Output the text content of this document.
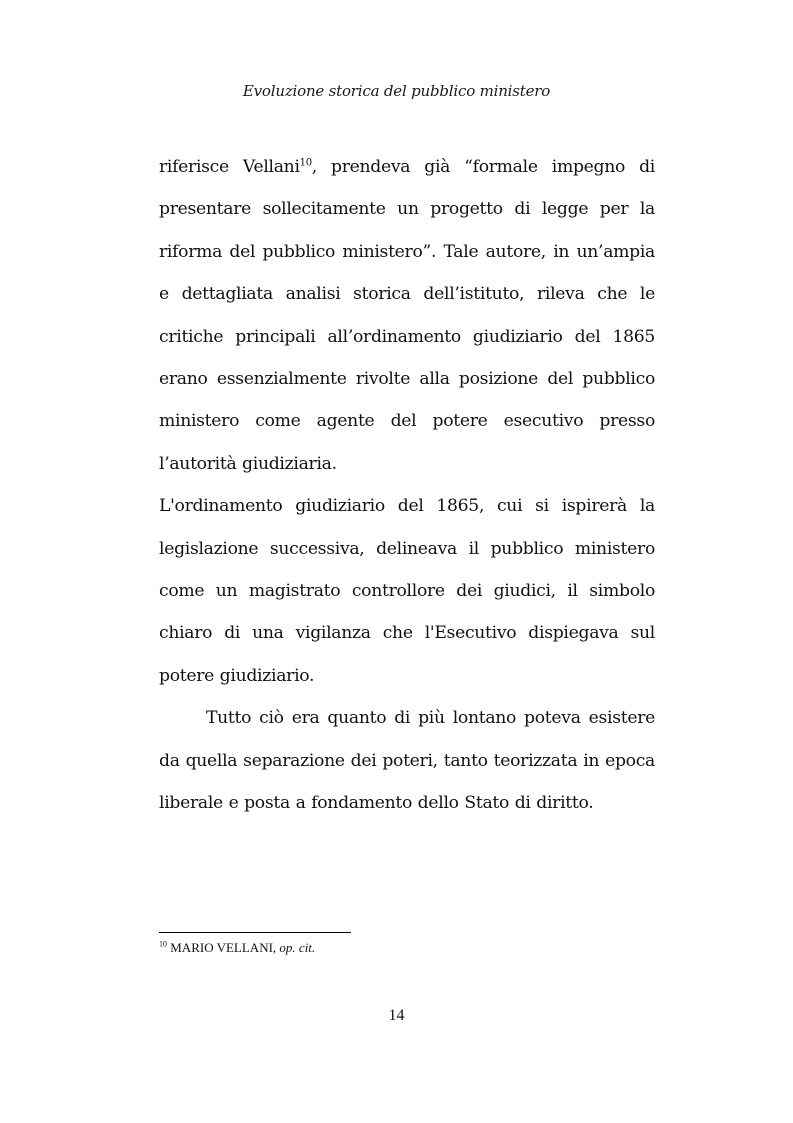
Evoluzione storica del pubblico ministero

riferisce Vellani$^{10}$, prendeva già “formale impegno di presentare sollecitamente un progetto di legge per la riforma del pubblico ministero”. Tale autore, in un’ampia e dettagliata analisi storica dell’istituto, rileva che le critiche principali all’ordinamento giudiziario del 1865 erano essenzialmente rivolte alla posizione del pubblico ministero come agente del potere esecutivo presso l’autorità giudiziaria.

L'ordinamento giudiziario del 1865, cui si ispirerà la legislazione successiva, delineava il pubblico ministero come un magistrato controllore dei giudici, il simbolo chiaro di una vigilanza che l'Esecutivo dispiegava sul potere giudiziario.

Tutto ciò era quanto di più lontano poteva esistere da quella separazione dei poteri, tanto teorizzata in epoca liberale e posta a fondamento dello Stato di diritto.

$^{10}$ MARIO VELLANI, op. cit.
14
